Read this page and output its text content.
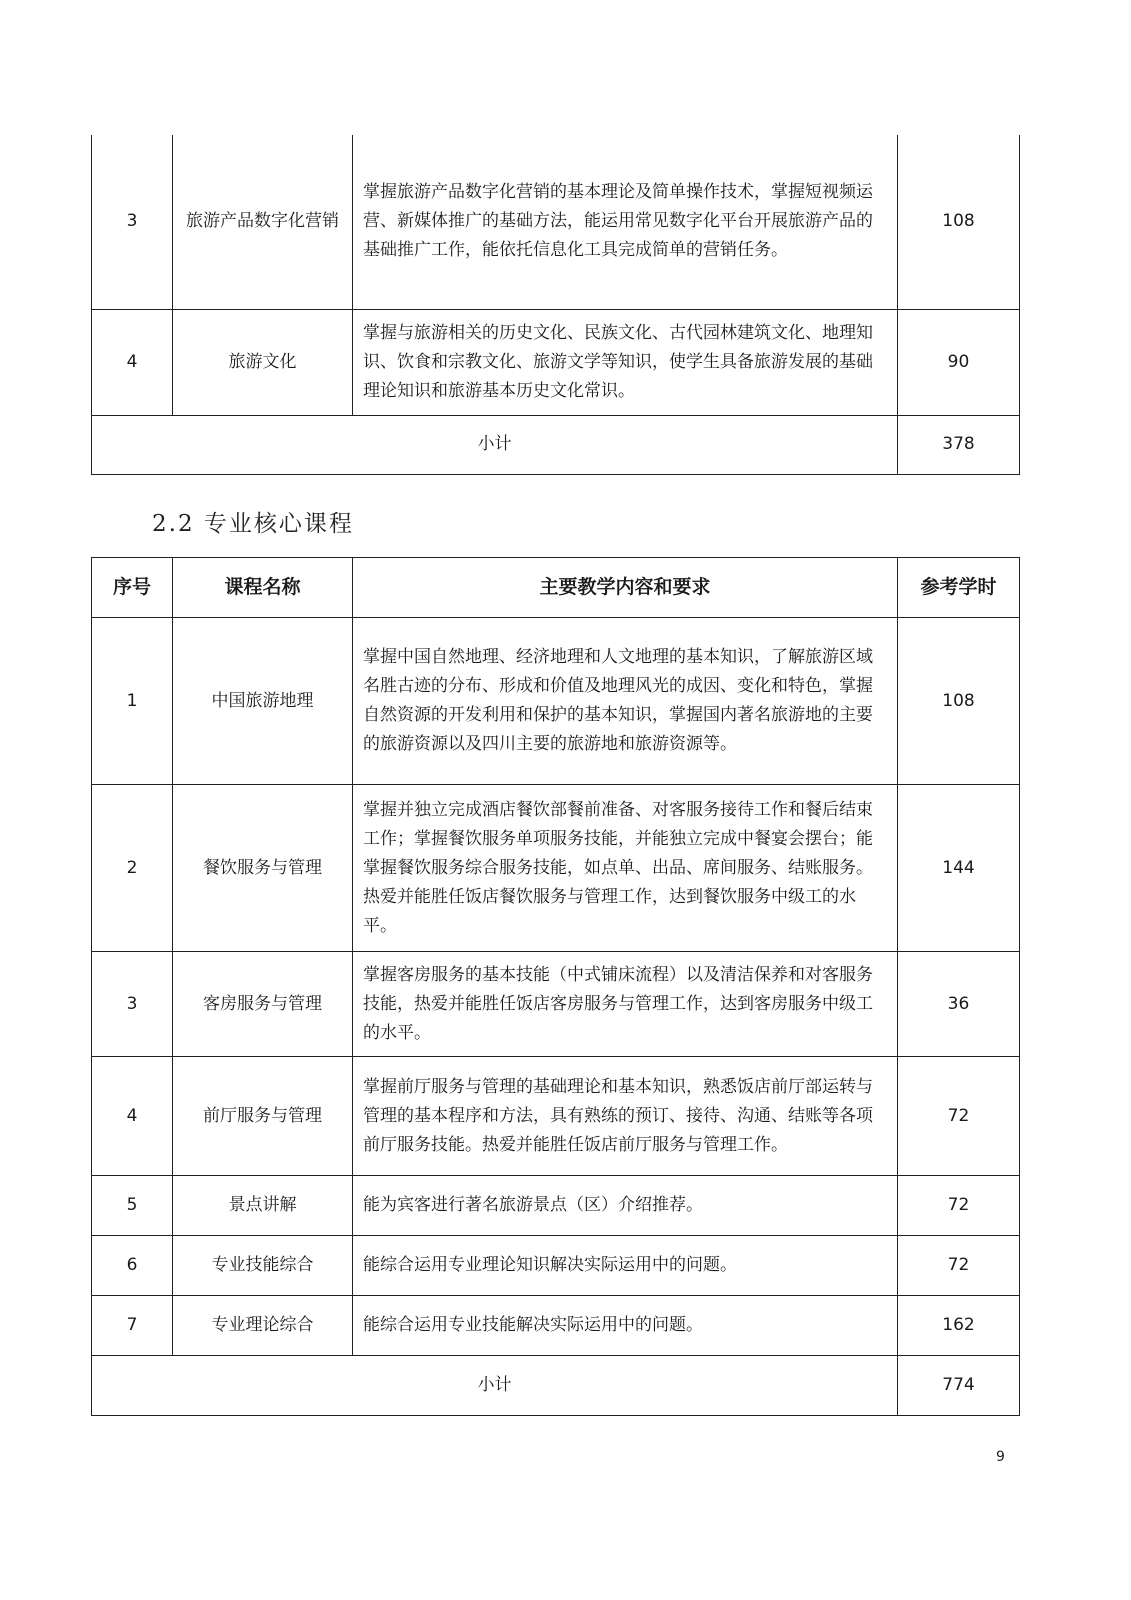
3	旅游产品数字化营销	掌握旅游产品数字化营销的基本理论及简单操作技术，掌握短视频运营、新媒体推广的基础方法，能运用常见数字化平台开展旅游产品的基础推广工作，能依托信息化工具完成简单的营销任务。	108
4	旅游文化	掌握与旅游相关的历史文化、民族文化、古代园林建筑文化、地理知识、饮食和宗教文化、旅游文学等知识，使学生具备旅游发展的基础理论知识和旅游基本历史文化常识。	90
小计			378
2.2 专业核心课程
序号	课程名称	主要教学内容和要求	参考学时
1	中国旅游地理	掌握中国自然地理、经济地理和人文地理的基本知识，了解旅游区域名胜古迹的分布、形成和价值及地理风光的成因、变化和特色，掌握自然资源的开发利用和保护的基本知识，掌握国内著名旅游地的主要的旅游资源以及四川主要的旅游地和旅游资源等。	108
2	餐饮服务与管理	掌握并独立完成酒店餐饮部餐前准备、对客服务接待工作和餐后结束工作；掌握餐饮服务单项服务技能，并能独立完成中餐宴会摆台；能掌握餐饮服务综合服务技能，如点单、出品、席间服务、结账服务。热爱并能胜任饭店餐饮服务与管理工作，达到餐饮服务中级工的水平。	144
3	客房服务与管理	掌握客房服务的基本技能（中式铺床流程）以及清洁保养和对客服务技能，热爱并能胜任饭店客房服务与管理工作，达到客房服务中级工的水平。	36
4	前厅服务与管理	掌握前厅服务与管理的基础理论和基本知识，熟悉饭店前厅部运转与管理的基本程序和方法，具有熟练的预订、接待、沟通、结账等各项前厅服务技能。热爱并能胜任饭店前厅服务与管理工作。	72
5	景点讲解	能为宾客进行著名旅游景点（区）介绍推荐。	72
6	专业技能综合	能综合运用专业理论知识解决实际运用中的问题。	72
7	专业理论综合	能综合运用专业技能解决实际运用中的问题。	162
小计			774
9
